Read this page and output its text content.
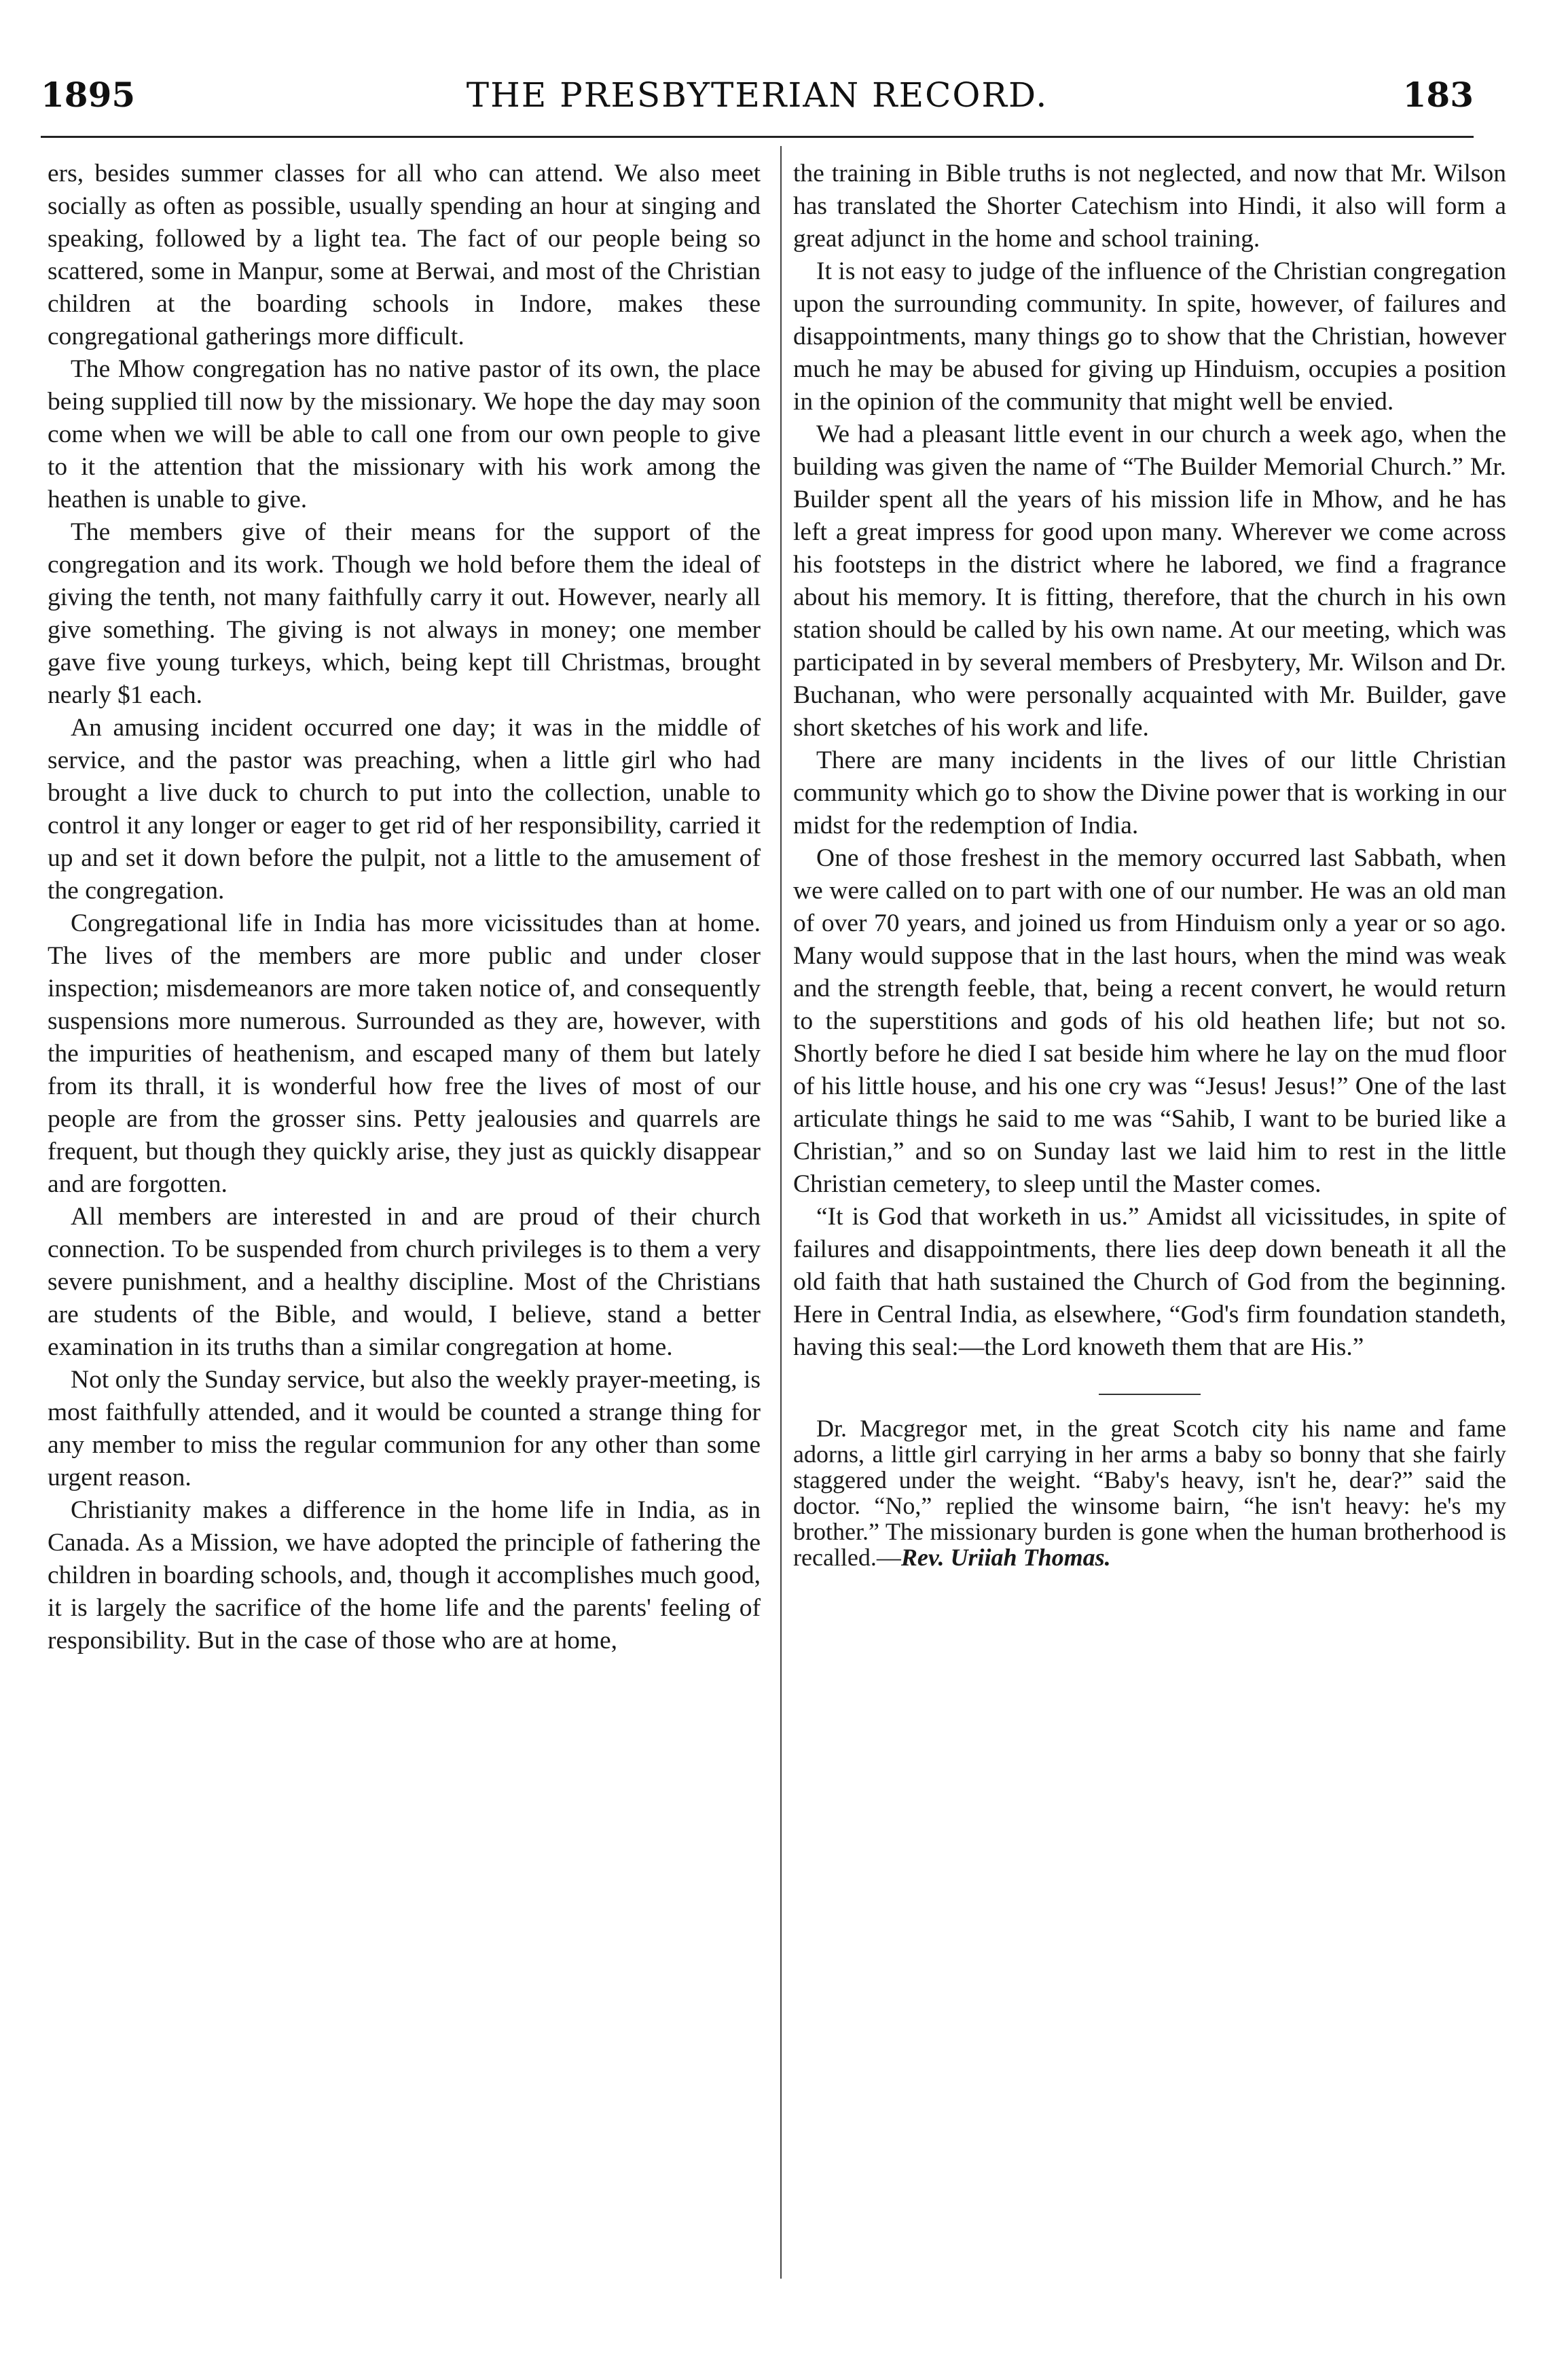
1895	THE PRESBYTERIAN RECORD.	183

ers, besides summer classes for all who can attend. We also meet socially as often as possible, usually spending an hour at singing and speaking, followed by a light tea. The fact of our people being so scattered, some in Manpur, some at Berwai, and most of the Christian children at the boarding schools in Indore, makes these congregational gatherings more difficult.

The Mhow congregation has no native pastor of its own, the place being supplied till now by the missionary. We hope the day may soon come when we will be able to call one from our own people to give to it the attention that the missionary with his work among the heathen is unable to give.

The members give of their means for the support of the congregation and its work. Though we hold before them the ideal of giving the tenth, not many faithfully carry it out. However, nearly all give something. The giving is not always in money; one member gave five young turkeys, which, being kept till Christmas, brought nearly $1 each.

An amusing incident occurred one day; it was in the middle of service, and the pastor was preaching, when a little girl who had brought a live duck to church to put into the collection, unable to control it any longer or eager to get rid of her responsibility, carried it up and set it down before the pulpit, not a little to the amusement of the congregation.

Congregational life in India has more vicissitudes than at home. The lives of the members are more public and under closer inspection; misdemeanors are more taken notice of, and consequently suspensions more numerous. Surrounded as they are, however, with the impurities of heathenism, and escaped many of them but lately from its thrall, it is wonderful how free the lives of most of our people are from the grosser sins. Petty jealousies and quarrels are frequent, but though they quickly arise, they just as quickly disappear and are forgotten.

All members are interested in and are proud of their church connection. To be suspended from church privileges is to them a very severe punishment, and a healthy discipline. Most of the Christians are students of the Bible, and would, I believe, stand a better examination in its truths than a similar congregation at home.

Not only the Sunday service, but also the weekly prayer-meeting, is most faithfully attended, and it would be counted a strange thing for any member to miss the regular communion for any other than some urgent reason.

Christianity makes a difference in the home life in India, as in Canada. As a Mission, we have adopted the principle of fathering the children in boarding schools, and, though it accomplishes much good, it is largely the sacrifice of the home life and the parents' feeling of responsibility. But in the case of those who are at home,

the training in Bible truths is not neglected, and now that Mr. Wilson has translated the Shorter Catechism into Hindi, it also will form a great adjunct in the home and school training.

It is not easy to judge of the influence of the Christian congregation upon the surrounding community. In spite, however, of failures and disappointments, many things go to show that the Christian, however much he may be abused for giving up Hinduism, occupies a position in the opinion of the community that might well be envied.

We had a pleasant little event in our church a week ago, when the building was given the name of “The Builder Memorial Church.” Mr. Builder spent all the years of his mission life in Mhow, and he has left a great impress for good upon many. Wherever we come across his footsteps in the district where he labored, we find a fragrance about his memory. It is fitting, therefore, that the church in his own station should be called by his own name. At our meeting, which was participated in by several members of Presbytery, Mr. Wilson and Dr. Buchanan, who were personally acquainted with Mr. Builder, gave short sketches of his work and life.

There are many incidents in the lives of our little Christian community which go to show the Divine power that is working in our midst for the redemption of India.

One of those freshest in the memory occurred last Sabbath, when we were called on to part with one of our number. He was an old man of over 70 years, and joined us from Hinduism only a year or so ago. Many would suppose that in the last hours, when the mind was weak and the strength feeble, that, being a recent convert, he would return to the superstitions and gods of his old heathen life; but not so. Shortly before he died I sat beside him where he lay on the mud floor of his little house, and his one cry was “Jesus! Jesus!” One of the last articulate things he said to me was “Sahib, I want to be buried like a Christian,” and so on Sunday last we laid him to rest in the little Christian cemetery, to sleep until the Master comes.

“It is God that worketh in us.” Amidst all vicissitudes, in spite of failures and disappointments, there lies deep down beneath it all the old faith that hath sustained the Church of God from the beginning. Here in Central India, as elsewhere, “God's firm foundation standeth, having this seal:—the Lord knoweth them that are His.”

Dr. Macgregor met, in the great Scotch city his name and fame adorns, a little girl carrying in her arms a baby so bonny that she fairly staggered under the weight. “Baby's heavy, isn't he, dear?” said the doctor. “No,” replied the winsome bairn, “he isn't heavy: he's my brother.” The missionary burden is gone when the human brotherhood is recalled.—Rev. Uriiah Thomas.
